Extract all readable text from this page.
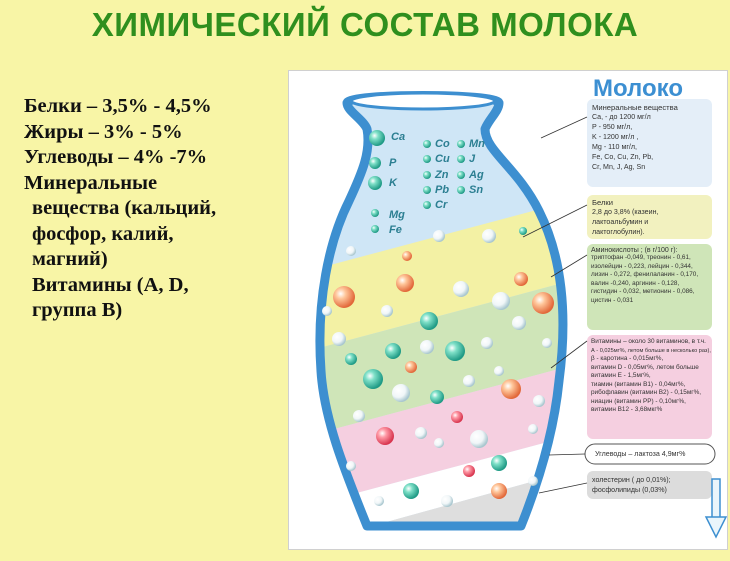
ХИМИЧЕСКИЙ СОСТАВ МОЛОКА
Белки – 3,5% - 4,5%
Жиры – 3% - 5%
Углеводы – 4% -7%
Минеральные
вещества (кальций,
фосфор, калий,
магний)
Витамины (A, D,
группа B)
Молоко
Ca
P
K
Mg
Fe
Co
Cu
Zn
Pb
Cr
Mn
J
Ag
Sn
Минеральные вещества
Ca, - до 1200 мг/л
P - 950 мг/л,
K - 1200 мг/л ,
Mg - 110 мг/л,
Fe, Co, Cu, Zn, Pb,
Cr, Mn, J, Ag, Sn
Белки
2,8 до 3,8% (казеин,
лактоальбумин и
лактоглобулин).
Аминокислоты ; (в г/100 г):
триптофан -0,049, треонин - 0,61,
изолейцин - 0,223, лейцин - 0,344,
лизин - 0,272, фенилаланин - 0,170,
валин -0,240, аргинин - 0,128,
гистидин - 0,032, метионин - 0,086,
цистин - 0,031
Витамины – около 30 витаминов, в т.ч.
А - 0,025мг%, летом больше в несколько раз),
β - каротина - 0,015мг%,
витамин D - 0,05мг%, летом больше
витамин Е - 1,5мг%,
тиамин (витамин В1) - 0,04мг%,
рибофлавин (витамин В2) - 0,15мг%,
ниацин (витамин PP) - 0,10мг%,
витамин B12 - 3,68мкг%
Углеводы – лактоза 4,9мг%
холестерин ( до 0,01%);
фосфолипиды (0,03%)
